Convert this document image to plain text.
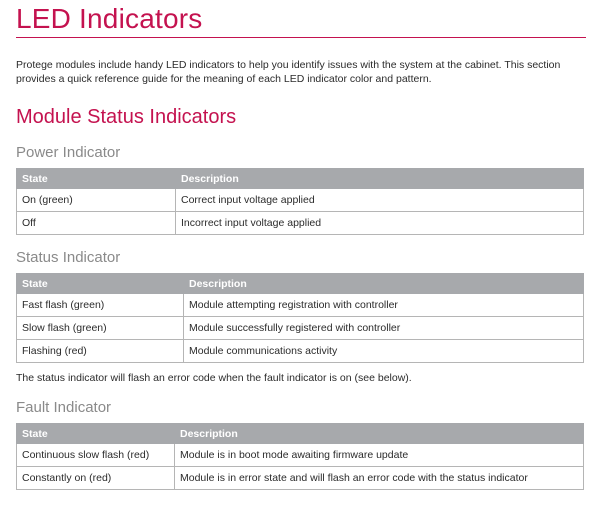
LED Indicators

Protege modules include handy LED indicators to help you identify issues with the system at the cabinet. This section provides a quick reference guide for the meaning of each LED indicator color and pattern.

Module Status Indicators
Power Indicator
State	Description
On (green)	Correct input voltage applied
Off	Incorrect input voltage applied
Status Indicator
State	Description
Fast flash (green)	Module attempting registration with controller
Slow flash (green)	Module successfully registered with controller
Flashing (red)	Module communications activity

The status indicator will flash an error code when the fault indicator is on (see below).

Fault Indicator
State	Description
Continuous slow flash (red)	Module is in boot mode awaiting firmware update
Constantly on (red)	Module is in error state and will flash an error code with the status indicator
